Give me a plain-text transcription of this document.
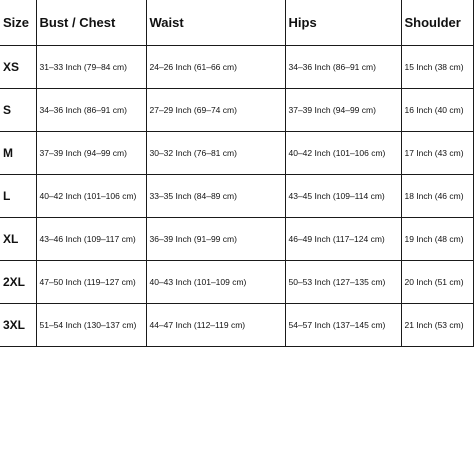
Size	Bust / Chest	Waist	Hips	Shoulder
XS	31–33 Inch (79–84 cm)	24–26 Inch (61–66 cm)	34–36 Inch (86–91 cm)	15 Inch (38 cm)
S	34–36 Inch (86–91 cm)	27–29 Inch (69–74 cm)	37–39 Inch (94–99 cm)	16 Inch (40 cm)
M	37–39 Inch (94–99 cm)	30–32 Inch (76–81 cm)	40–42 Inch (101–106 cm)	17 Inch (43 cm)
L	40–42 Inch (101–106 cm)	33–35 Inch (84–89 cm)	43–45 Inch (109–114 cm)	18 Inch (46 cm)
XL	43–46 Inch (109–117 cm)	36–39 Inch (91–99 cm)	46–49 Inch (117–124 cm)	19 Inch (48 cm)
2XL	47–50 Inch (119–127 cm)	40–43 Inch (101–109 cm)	50–53 Inch (127–135 cm)	20 Inch (51 cm)
3XL	51–54 Inch (130–137 cm)	44–47 Inch (112–119 cm)	54–57 Inch (137–145 cm)	21 Inch (53 cm)
